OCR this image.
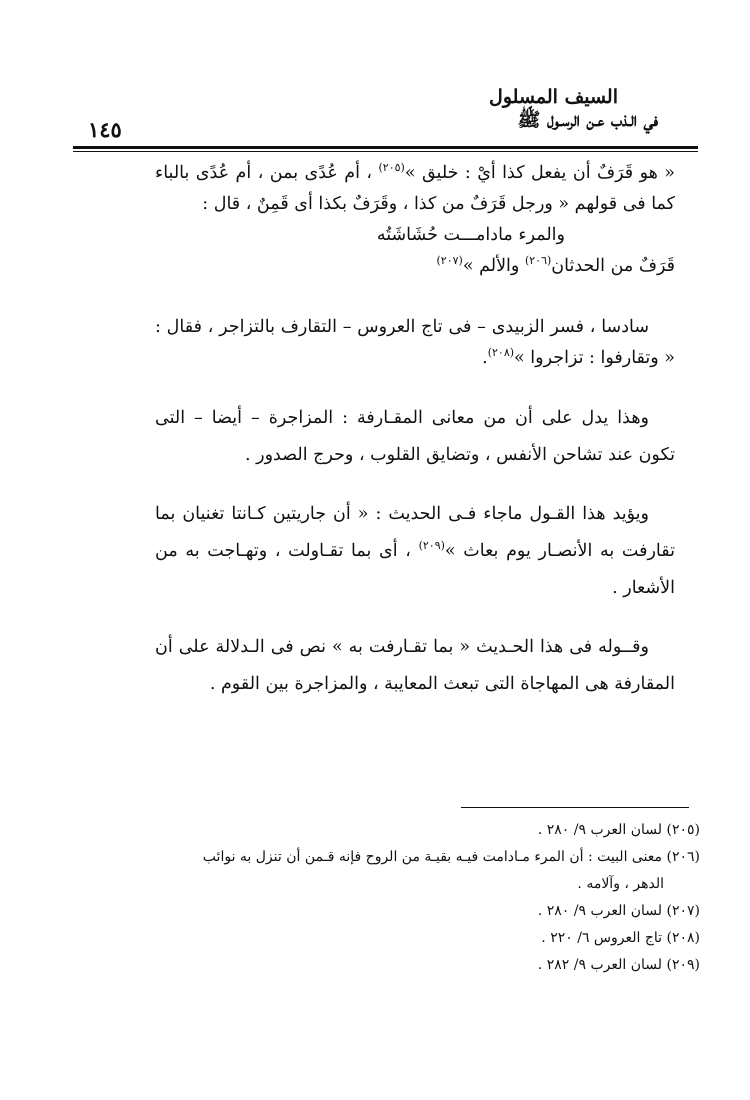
السيف المسلول
في الـذب عـن الرسـول ﷺ
١٤٥

« هو قَرَفٌ أن يفعل كذا أيْ : خليق »$^{(٢٠٥)}$ ، أم عُدًى بمن ، أم عُدًى بالباء كما فى قولهم « ورجل قَرَفٌ من كذا ، وقَرَفٌ بكذا أى قَمِنٌ ، قال :

والمرء مادامـــت حُشَاشَتُه

قَرَفٌ من الحدثان$^{(٢٠٦)}$ والألم »$^{(٢٠٧)}$

سادسا ، فسر الزبيدى – فى تاج العروس – التقارف بالتزاجر ، فقال : « وتقارفوا : تزاجروا »$^{(٢٠٨)}$.

وهذا يدل على أن من معانى المقـارفة : المزاجرة – أيضا – التى تكون عند تشاحن الأنفس ، وتضايق القلوب ، وحرج الصدور .

ويؤيد هذا القـول ماجاء فـى الحديث : « أن جاريتين كـانتا تغنيان بما تقارفت به الأنصـار يوم بعاث »$^{(٢٠٩)}$ ، أى بما تقـاولت ، وتهـاجت به من الأشعار .

وقــوله فى هذا الحـديث « بما تقـارفت به » نص فى الـدلالة على أن المقارفة هى المهاجاة التى تبعث المعايبة ، والمزاجرة بين القوم .

(٢٠٥) لسان العرب ٩/ ٢٨٠ .

(٢٠٦) معنى البيت : أن المرء مـادامت فيـه بقيـة من الروح فإنه قـمن أن تنزل به نوائب

الدهر ، وآلامه .

(٢٠٧) لسان العرب ٩/ ٢٨٠ .

(٢٠٨) تاج العروس ٦/ ٢٢٠ .

(٢٠٩) لسان العرب ٩/ ٢٨٢ .
